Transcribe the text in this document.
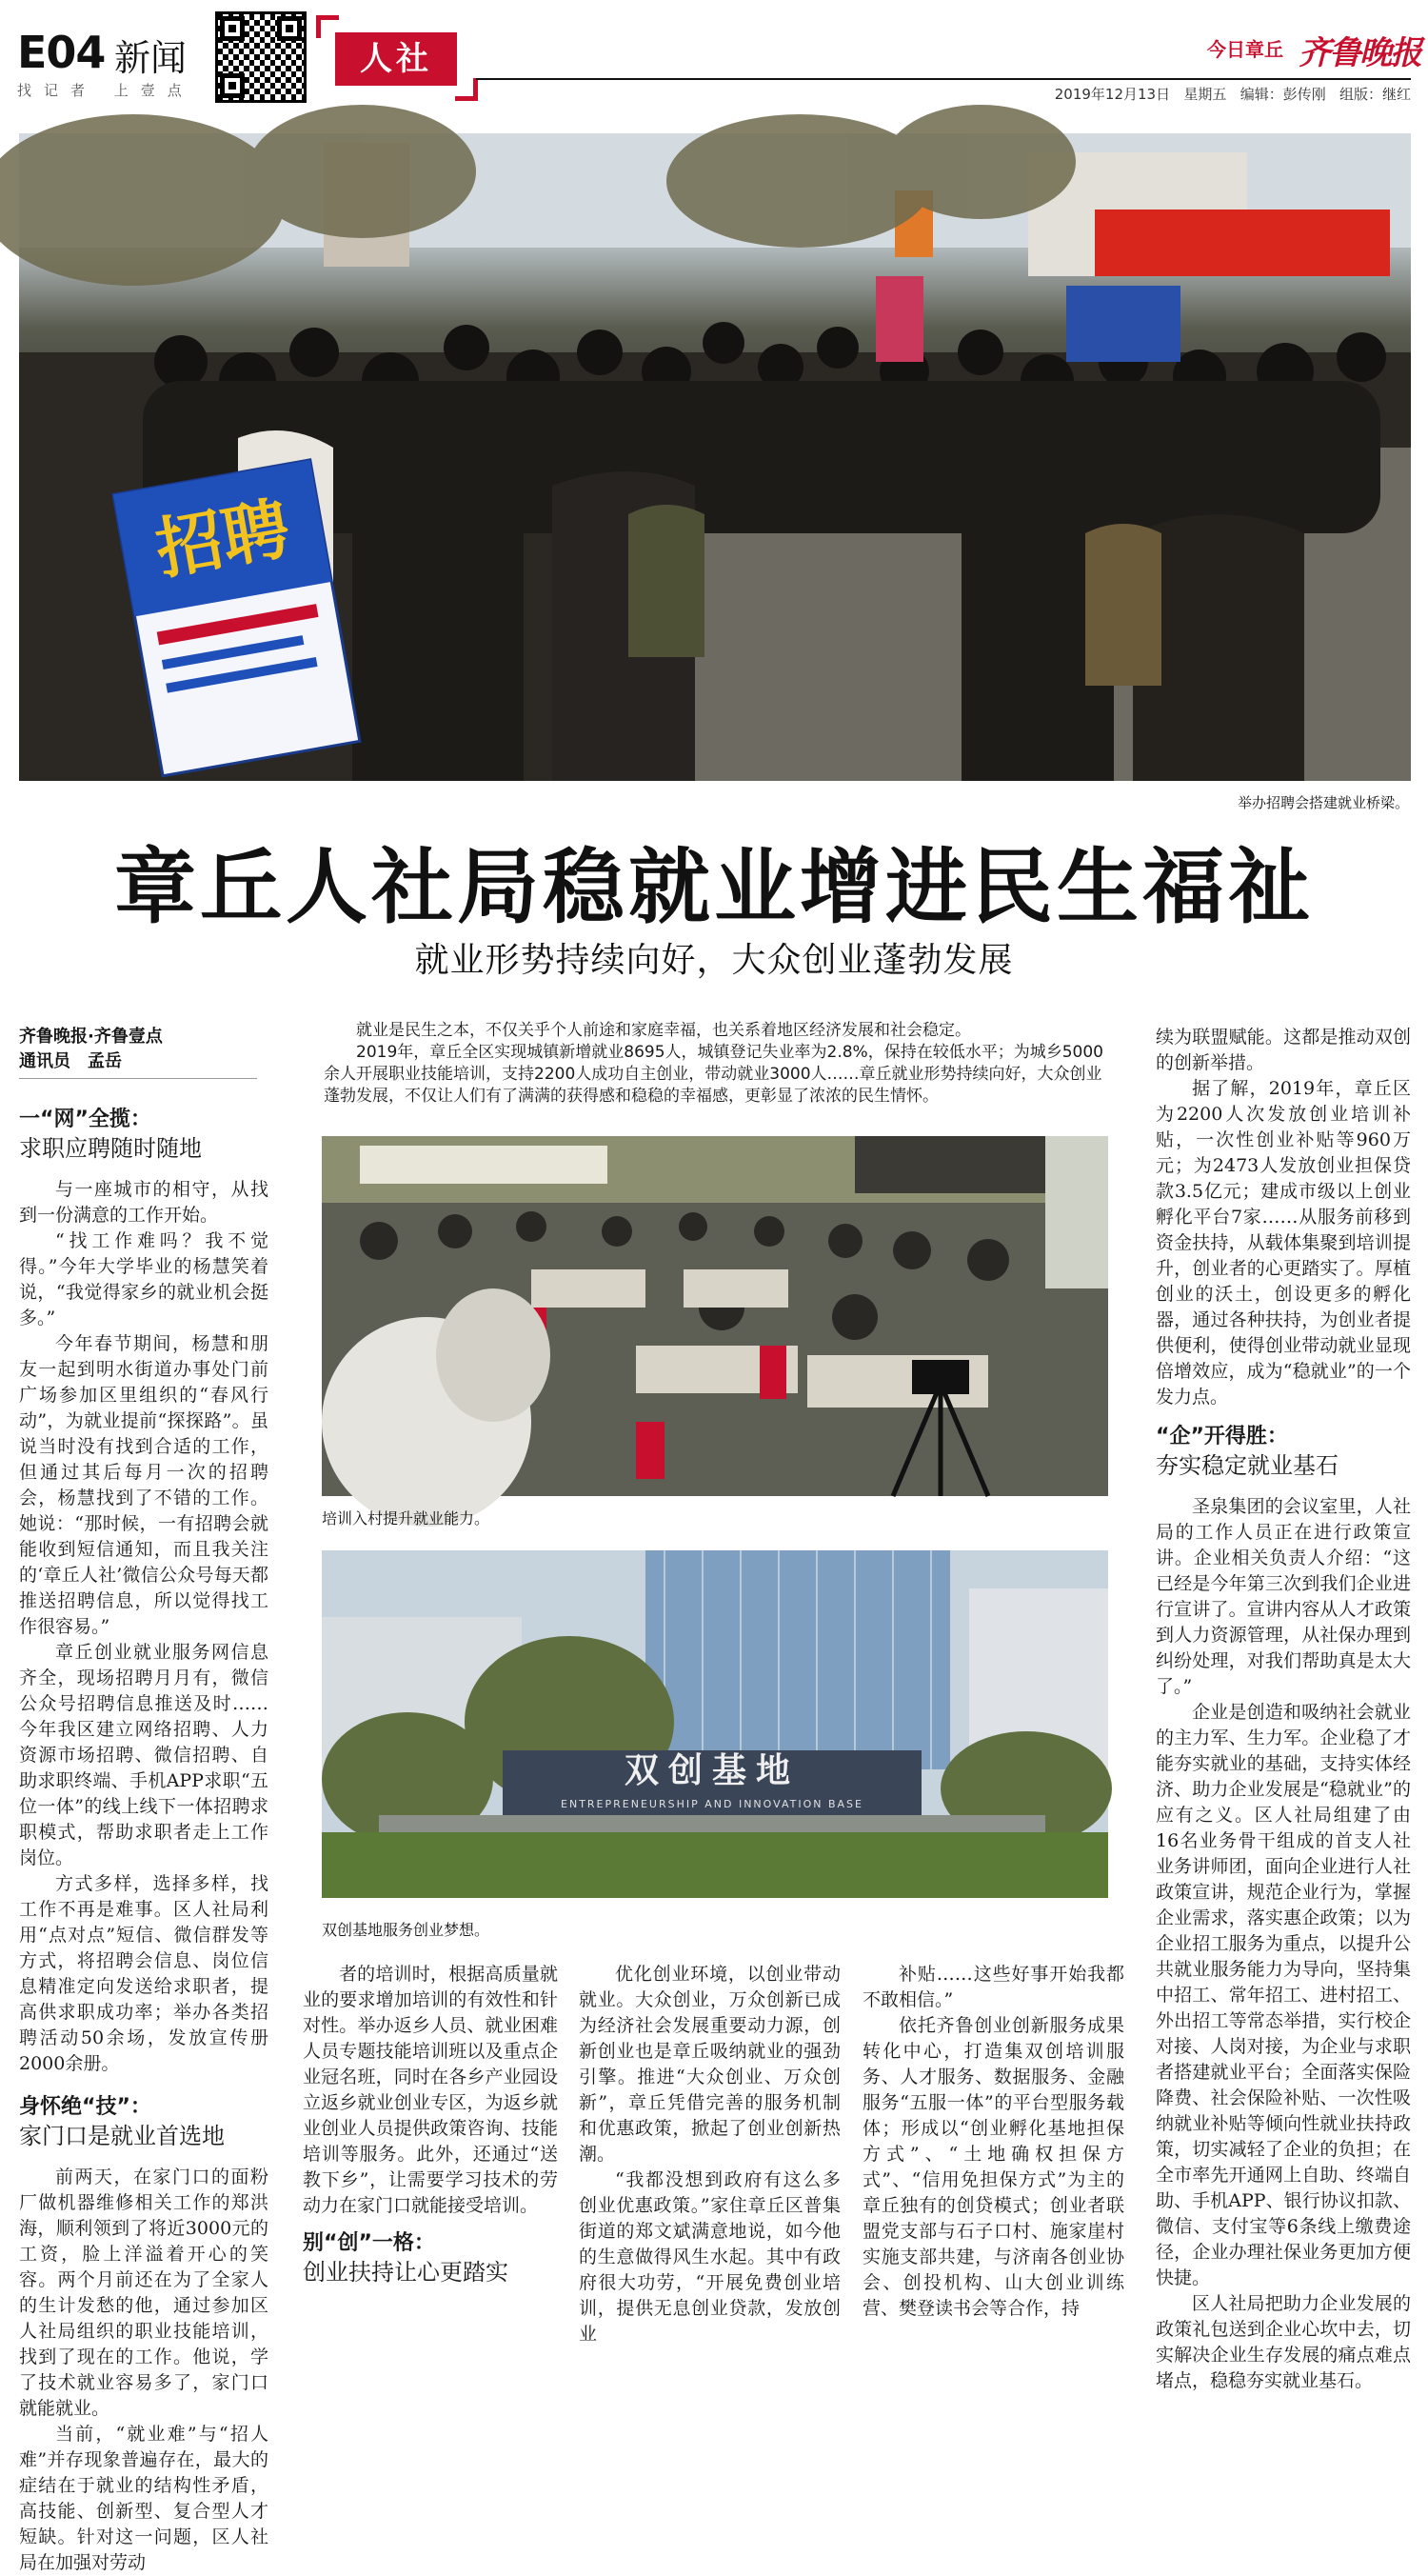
E04 新闻
找记者 上壹点
人社	今日章丘 齐鲁晚报
2019年12月13日   星期五   编辑：彭传刚   组版：继红
招聘
举办招聘会搭建就业桥梁。
章丘人社局稳就业增进民生福祉
就业形势持续向好，大众创业蓬勃发展
齐鲁晚报·齐鲁壹点
通讯员　孟岳

就业是民生之本，不仅关乎个人前途和家庭幸福，也关系着地区经济发展和社会稳定。

2019年，章丘全区实现城镇新增就业8695人，城镇登记失业率为2.8%，保持在较低水平；为城乡5000余人开展职业技能培训，支持2200人成功自主创业，带动就业3000人……章丘就业形势持续向好，大众创业蓬勃发展，不仅让人们有了满满的获得感和稳稳的幸福感，更彰显了浓浓的民生情怀。

一“网”全揽：
求职应聘随时随地

与一座城市的相守，从找到一份满意的工作开始。

“找工作难吗？我不觉得。”今年大学毕业的杨慧笑着说，“我觉得家乡的就业机会挺多。”

今年春节期间，杨慧和朋友一起到明水街道办事处门前广场参加区里组织的“春风行动”，为就业提前“探探路”。虽说当时没有找到合适的工作，但通过其后每月一次的招聘会，杨慧找到了不错的工作。她说：“那时候，一有招聘会就能收到短信通知，而且我关注的‘章丘人社’微信公众号每天都推送招聘信息，所以觉得找工作很容易。”

章丘创业就业服务网信息齐全，现场招聘月月有，微信公众号招聘信息推送及时……今年我区建立网络招聘、人力资源市场招聘、微信招聘、自助求职终端、手机APP求职“五位一体”的线上线下一体招聘求职模式，帮助求职者走上工作岗位。

方式多样，选择多样，找工作不再是难事。区人社局利用“点对点”短信、微信群发等方式，将招聘会信息、岗位信息精准定向发送给求职者，提高供求职成功率；举办各类招聘活动50余场，发放宣传册2000余册。

身怀绝“技”：
家门口是就业首选地

前两天，在家门口的面粉厂做机器维修相关工作的郑洪海，顺利领到了将近3000元的工资，脸上洋溢着开心的笑容。两个月前还在为了全家人的生计发愁的他，通过参加区人社局组织的职业技能培训，找到了现在的工作。他说，学了技术就业容易多了，家门口就能就业。

当前，“就业难”与“招人难”并存现象普遍存在，最大的症结在于就业的结构性矛盾，高技能、创新型、复合型人才短缺。针对这一问题，区人社局在加强对劳动

培训入村提升就业能力。
双创基地
ENTREPRENEURSHIP AND INNOVATION BASE
双创基地服务创业梦想。

者的培训时，根据高质量就业的要求增加培训的有效性和针对性。举办返乡人员、就业困难人员专题技能培训班以及重点企业冠名班，同时在各乡产业园设立返乡就业创业专区，为返乡就业创业人员提供政策咨询、技能培训等服务。此外，还通过“送教下乡”，让需要学习技术的劳动力在家门口就能接受培训。

别“创”一格：
创业扶持让心更踏实

优化创业环境，以创业带动就业。大众创业，万众创新已成为经济社会发展重要动力源，创新创业也是章丘吸纳就业的强劲引擎。推进“大众创业、万众创新”，章丘凭借完善的服务机制和优惠政策，掀起了创业创新热潮。

“我都没想到政府有这么多创业优惠政策。”家住章丘区普集街道的郑文斌满意地说，如今他的生意做得风生水起。其中有政府很大功劳，“开展免费创业培训，提供无息创业贷款，发放创业

补贴……这些好事开始我都不敢相信。”

依托齐鲁创业创新服务成果转化中心，打造集双创培训服务、人才服务、数据服务、金融服务“五服一体”的平台型服务载体；形成以“创业孵化基地担保方式”、“土地确权担保方式”、“信用免担保方式”为主的章丘独有的创贷模式；创业者联盟党支部与石子口村、施家崖村实施支部共建，与济南各创业协会、创投机构、山大创业训练营、樊登读书会等合作，持

续为联盟赋能。这都是推动双创的创新举措。

据了解，2019年，章丘区为2200人次发放创业培训补贴，一次性创业补贴等960万元；为2473人发放创业担保贷款3.5亿元；建成市级以上创业孵化平台7家……从服务前移到资金扶持，从载体集聚到培训提升，创业者的心更踏实了。厚植创业的沃土，创设更多的孵化器，通过各种扶持，为创业者提供便利，使得创业带动就业显现倍增效应，成为“稳就业”的一个发力点。

“企”开得胜：
夯实稳定就业基石

圣泉集团的会议室里，人社局的工作人员正在进行政策宣讲。企业相关负责人介绍：“这已经是今年第三次到我们企业进行宣讲了。宣讲内容从人才政策到人力资源管理，从社保办理到纠纷处理，对我们帮助真是太大了。”

企业是创造和吸纳社会就业的主力军、生力军。企业稳了才能夯实就业的基础，支持实体经济、助力企业发展是“稳就业”的应有之义。区人社局组建了由16名业务骨干组成的首支人社业务讲师团，面向企业进行人社政策宣讲，规范企业行为，掌握企业需求，落实惠企政策；以为企业招工服务为重点，以提升公共就业服务能力为导向，坚持集中招工、常年招工、进村招工、外出招工等常态举措，实行校企对接、人岗对接，为企业与求职者搭建就业平台；全面落实保险降费、社会保险补贴、一次性吸纳就业补贴等倾向性就业扶持政策，切实减轻了企业的负担；在全市率先开通网上自助、终端自助、手机APP、银行协议扣款、微信、支付宝等6条线上缴费途径，企业办理社保业务更加方便快捷。

区人社局把助力企业发展的政策礼包送到企业心坎中去，切实解决企业生存发展的痛点难点堵点，稳稳夯实就业基石。
